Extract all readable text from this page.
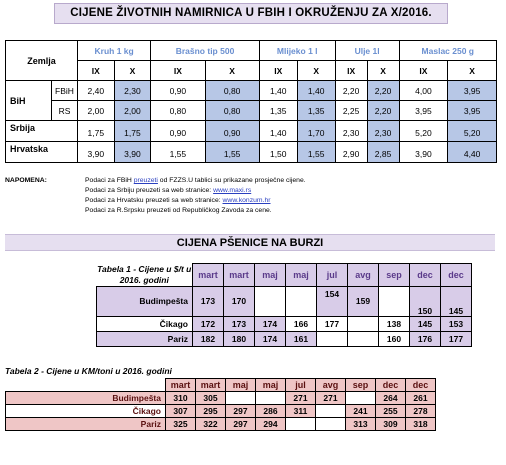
CIJENE ŽIVOTNIH NAMIRNICA U FBIH I OKRUŽENJU ZA X/2016.
Zemlja		Kruh 1 kg		Brašno tip 500		Mlijeko 1 l		Ulje 1l		Maslac 250 g	
		IX	X	IX	X	IX	X	IX	X	IX	X
BiH	FBiH	2,40	2,30	0,90	0,80	1,40	1,40	2,20	2,20	4,00	3,95
	RS	2,00	2,00	0,80	0,80	1,35	1,35	2,25	2,20	3,95	3,95
Srbija		1,75	1,75	0,90	0,90	1,40	1,70	2,30	2,30	5,20	5,20
Hrvatska		3,90	3,90	1,55	1,55	1,50	1,55	2,90	2,85	3,90	4,40
NAPOMENA:	Podaci za FBiH preuzeti od FZZS.U tablici su prikazane prosječne cijene.
Podaci za Srbiju preuzeti sa web stranice: www.maxi.rs
Podaci za Hrvatsku preuzeti sa web stranice: www.konzum.hr
Podaci za R.Srpsku preuzeti od Republičkog Zavoda za cene.
CIJENA PŠENICE NA BURZI
Tabela 1 - Cijene u $/t u 2016. godini	mart	mart	maj	maj	jul	avg	sep	dec	dec

Budimpešta	173	170			154	159		150	145
Čikago	172	173	174	166	177		138	145	153
Pariz	182	180	174	161			160	176	177
Tabela 2 - Cijene u KM/toni u 2016. godini
	mart	mart	maj	maj	jul	avg	sep	dec	dec
Budimpešta	310	305			271	271		264	261
Čikago	307	295	297	286	311		241	255	278
Pariz	325	322	297	294			313	309	318
